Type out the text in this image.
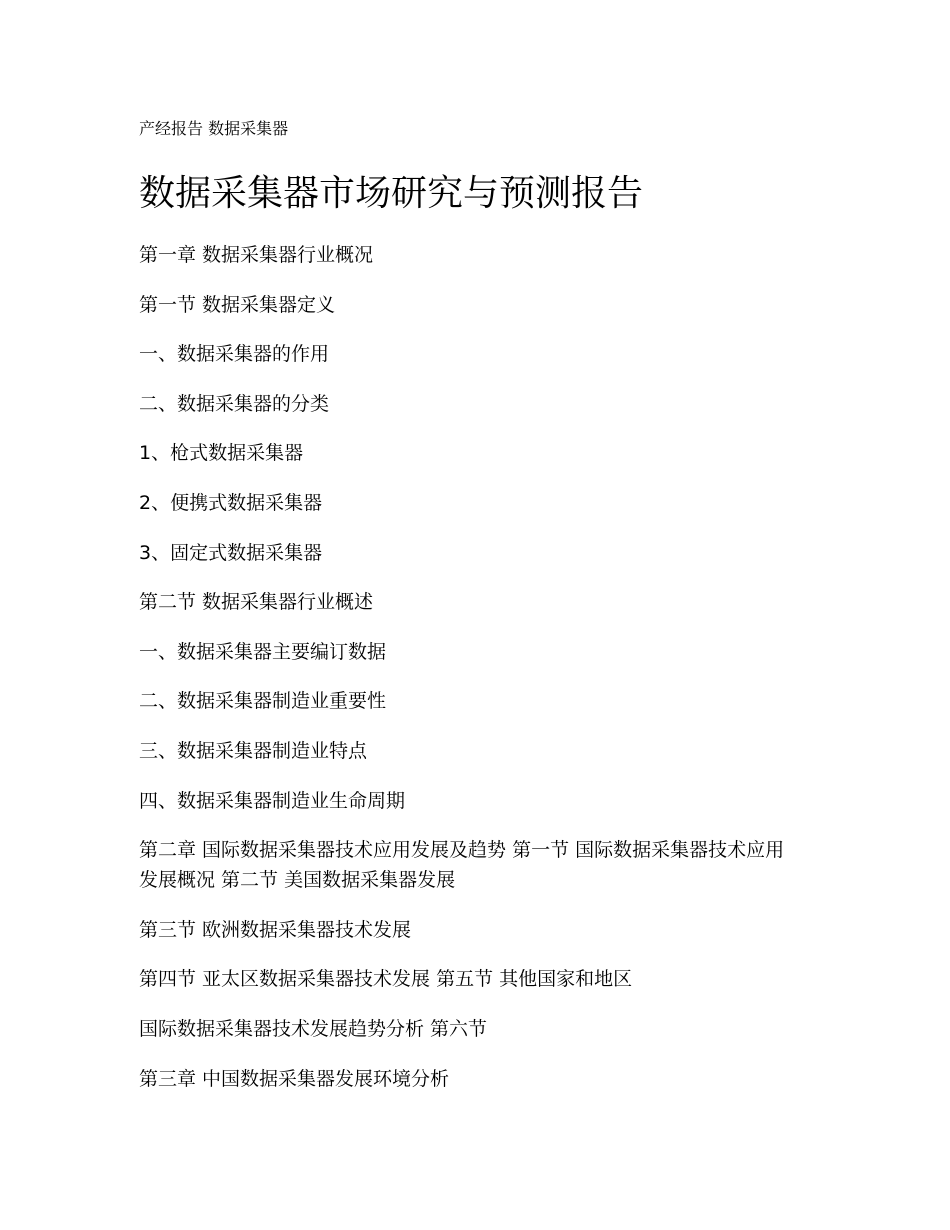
产经报告 数据采集器
数据采集器市场研究与预测报告
第一章 数据采集器行业概况
第一节 数据采集器定义
一、数据采集器的作用
二、数据采集器的分类
1、枪式数据采集器
2、便携式数据采集器
3、固定式数据采集器
第二节 数据采集器行业概述
一、数据采集器主要编订数据
二、数据采集器制造业重要性
三、数据采集器制造业特点
四、数据采集器制造业生命周期
第二章 国际数据采集器技术应用发展及趋势 第一节 国际数据采集器技术应用发展概况 第二节 美国数据采集器发展
第三节 欧洲数据采集器技术发展
第四节 亚太区数据采集器技术发展 第五节 其他国家和地区
国际数据采集器技术发展趋势分析 第六节
第三章 中国数据采集器发展环境分析
